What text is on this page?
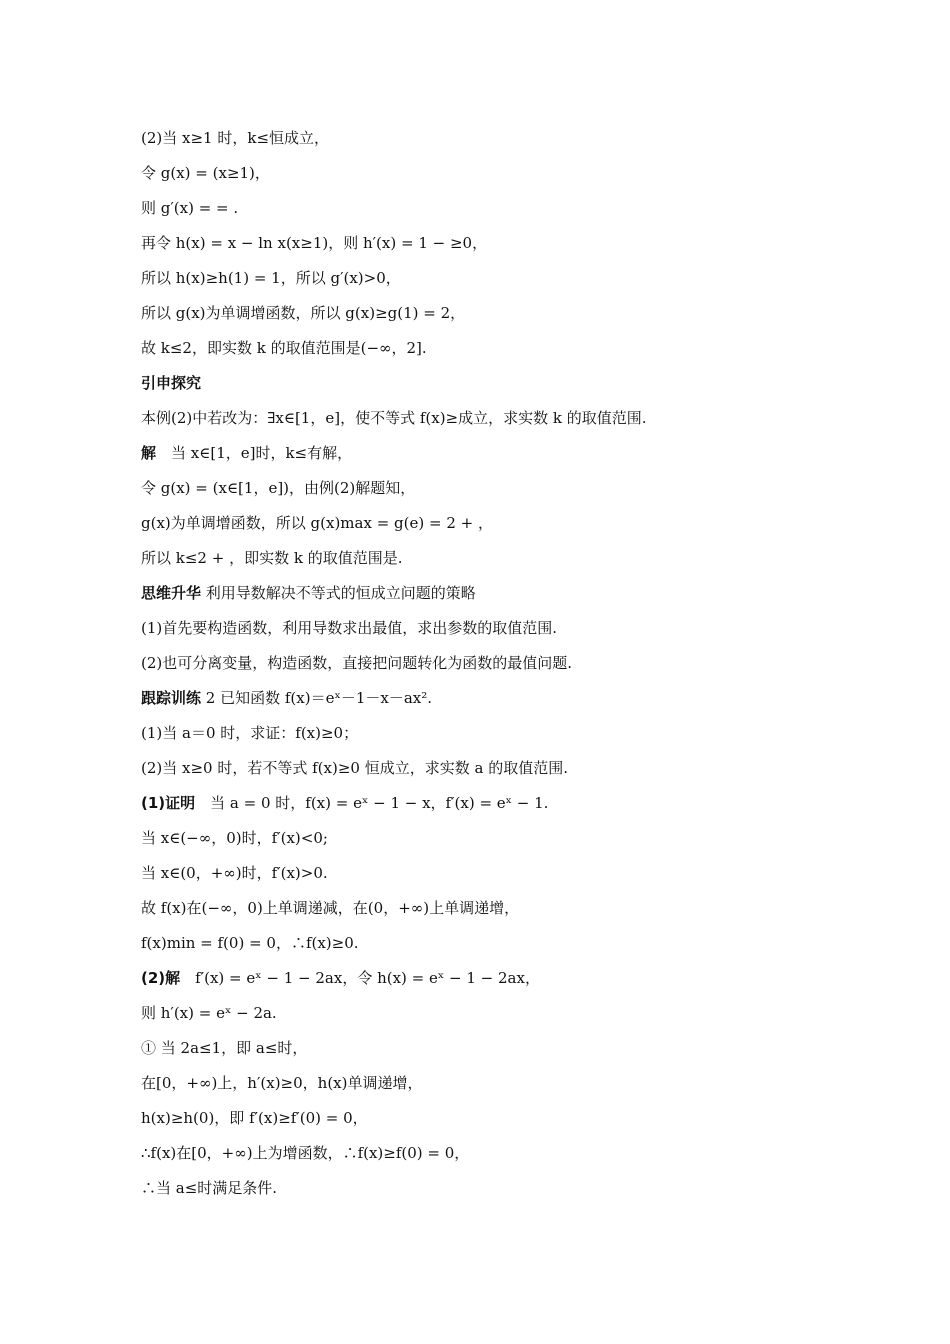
(2)当 x≥1 时，k≤恒成立，
令 g(x) = (x≥1)，
则 g′(x) = = .
再令 h(x) = x − ln x(x≥1)，则 h′(x) = 1 − ≥0，
所以 h(x)≥h(1) = 1，所以 g′(x)>0，
所以 g(x)为单调增函数，所以 g(x)≥g(1) = 2，
故 k≤2，即实数 k 的取值范围是(−∞，2].
引申探究
本例(2)中若改为：∃x∈[1，e]，使不等式 f(x)≥成立，求实数 k 的取值范围.
解　当 x∈[1，e]时，k≤有解，
令 g(x) = (x∈[1，e])，由例(2)解题知，
g(x)为单调增函数，所以 g(x)max = g(e) = 2 + ，
所以 k≤2 + ，即实数 k 的取值范围是.
思维升华 利用导数解决不等式的恒成立问题的策略
(1)首先要构造函数，利用导数求出最值，求出参数的取值范围.
(2)也可分离变量，构造函数，直接把问题转化为函数的最值问题.
跟踪训练 2 已知函数 f(x)＝eˣ－1－x－ax².
(1)当 a＝0 时，求证：f(x)≥0；
(2)当 x≥0 时，若不等式 f(x)≥0 恒成立，求实数 a 的取值范围.
(1)证明　当 a = 0 时，f(x) = eˣ − 1 − x，f′(x) = eˣ − 1.
当 x∈(−∞，0)时，f′(x)<0;
当 x∈(0，+∞)时，f′(x)>0.
故 f(x)在(−∞，0)上单调递减，在(0，+∞)上单调递增，
f(x)min = f(0) = 0，∴f(x)≥0.
(2)解　f′(x) = eˣ − 1 − 2ax，令 h(x) = eˣ − 1 − 2ax，
则 h′(x) = eˣ − 2a.
① 当 2a≤1，即 a≤时，
在[0，+∞)上，h′(x)≥0，h(x)单调递增，
h(x)≥h(0)，即 f′(x)≥f′(0) = 0，
∴f(x)在[0，+∞)上为增函数，∴f(x)≥f(0) = 0，
∴当 a≤时满足条件.
